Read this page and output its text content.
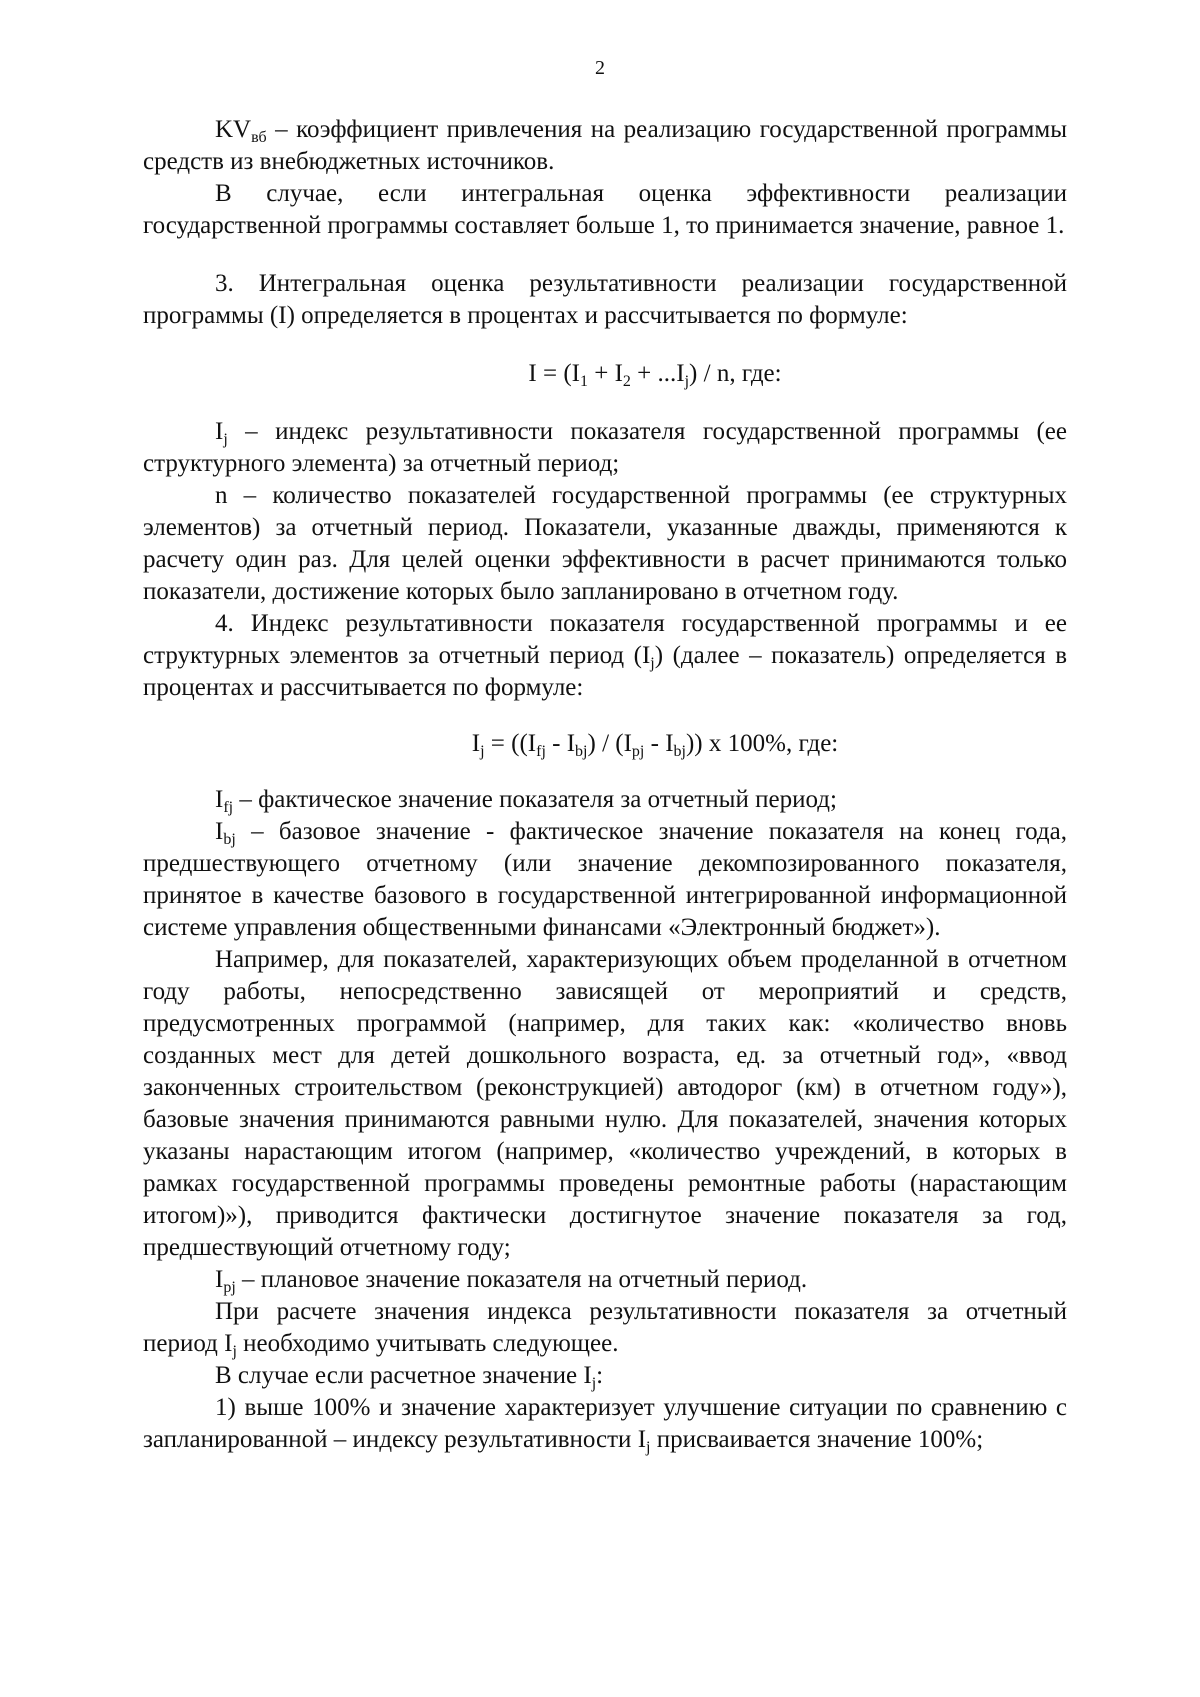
2

$KV_{вб}$ – коэффициент привлечения на реализацию государственной программы средств из внебюджетных источников.

В случае, если интегральная оценка эффективности реализации государственной программы составляет больше 1, то принимается значение, равное 1.

3. Интегральная оценка результативности реализации государственной программы (I) определяется в процентах и рассчитывается по формуле:

$I = (I_1 + I_2 + ...I_j) / n$, где:

$I_j$ – индекс результативности показателя государственной программы (ее структурного элемента) за отчетный период;

n – количество показателей государственной программы (ее структурных элементов) за отчетный период. Показатели, указанные дважды, применяются к расчету один раз. Для целей оценки эффективности в расчет принимаются только показатели, достижение которых было запланировано в отчетном году.

4. Индекс результативности показателя государственной программы и ее структурных элементов за отчетный период $(I_j)$ (далее – показатель) определяется в процентах и рассчитывается по формуле:

$I_j = ((I_{fj} - I_{bj}) / (I_{pj} - I_{bj}))$ x 100%, где:

$I_{fj}$ – фактическое значение показателя за отчетный период;

$I_{bj}$ – базовое значение - фактическое значение показателя на конец года, предшествующего отчетному (или значение декомпозированного показателя, принятое в качестве базового в государственной интегрированной информационной системе управления общественными финансами «Электронный бюджет»).

Например, для показателей, характеризующих объем проделанной в отчетном году работы, непосредственно зависящей от мероприятий и средств, предусмотренных программой (например, для таких как: «количество вновь созданных мест для детей дошкольного возраста, ед. за отчетный год», «ввод законченных строительством (реконструкцией) автодорог (км) в отчетном году»), базовые значения принимаются равными нулю. Для показателей, значения которых указаны нарастающим итогом (например, «количество учреждений, в которых в рамках государственной программы проведены ремонтные работы (нарастающим итогом)»), приводится фактически достигнутое значение показателя за год, предшествующий отчетному году;

$I_{pj}$ – плановое значение показателя на отчетный период.

При расчете значения индекса результативности показателя за отчетный период $I_j$ необходимо учитывать следующее.

В случае если расчетное значение $I_j$:

1) выше 100% и значение характеризует улучшение ситуации по сравнению с запланированной – индексу результативности $I_j$ присваивается значение 100%;
